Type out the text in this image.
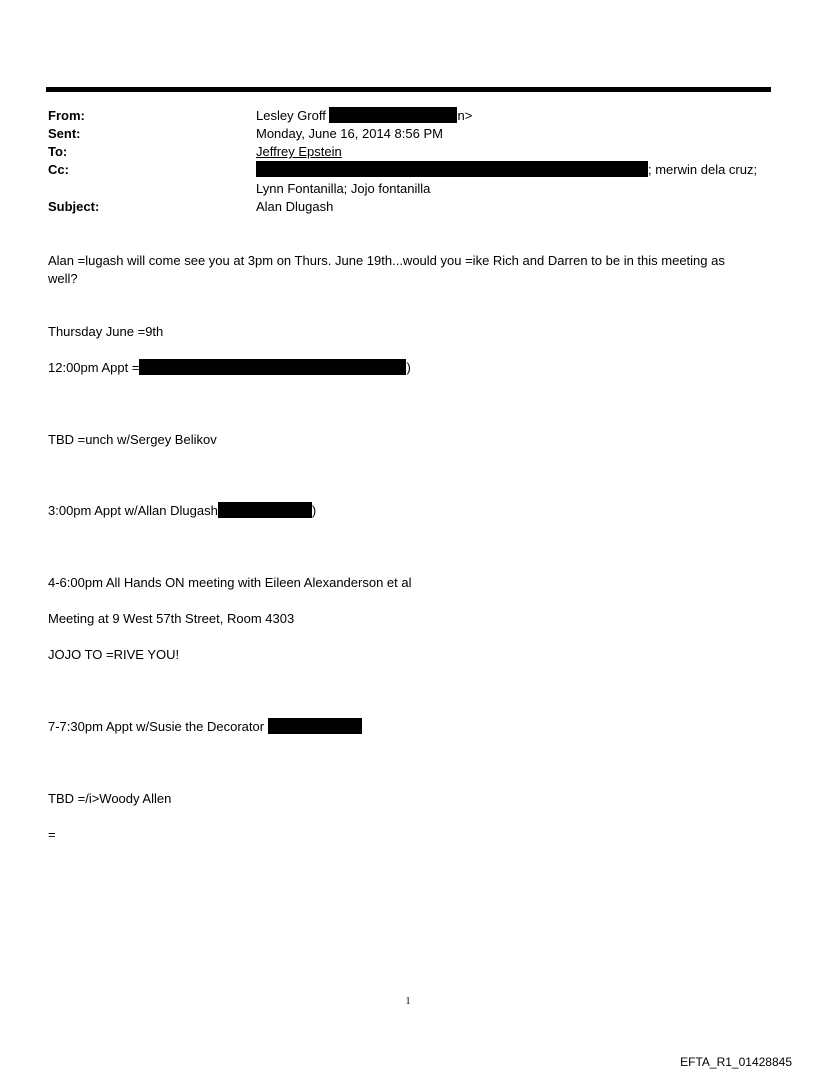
From:	Lesley Groff	n>
Sent:	Monday, June 16, 2014 8:56 PM
To:	Jeffrey Epstein
Cc:	; merwin dela cruz;
Lynn Fontanilla; Jojo fontanilla
Subject:	Alan Dlugash
Alan =lugash will come see you at 3pm on Thurs. June 19th...would you =ike Rich and Darren to be in this meeting as well?
Thursday June =9th
12:00pm Appt =	)
TBD =unch w/Sergey Belikov
3:00pm Appt w/Allan Dlugash	)
4-6:00pm All Hands ON meeting with Eileen Alexanderson et al
Meeting at 9 West 57th Street, Room 4303
JOJO TO =RIVE YOU!
7-7:30pm Appt w/Susie the Decorator
TBD =/i>Woody Allen
=
1
EFTA_R1_01428845
